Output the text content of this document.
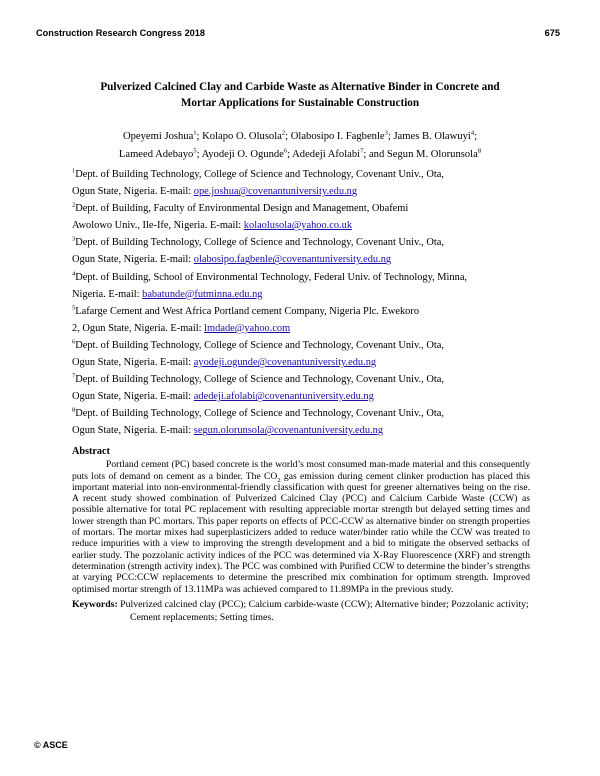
Construction Research Congress 2018	675
Pulverized Calcined Clay and Carbide Waste as Alternative Binder in Concrete and
Mortar Applications for Sustainable Construction
Opeyemi Joshua$^1$; Kolapo O. Olusola$^2$; Olabosipo I. Fagbenle$^3$; James B. Olawuyi$^4$;
Lameed Adebayo$^5$; Ayodeji O. Ogunde$^6$; Adedeji Afolabi$^7$; and Segun M. Olorunsola$^8$
$^1$Dept. of Building Technology, College of Science and Technology, Covenant Univ., Ota,
Ogun State, Nigeria. E-mail: ope.joshua@covenantuniversity.edu.ng
$^2$Dept. of Building, Faculty of Environmental Design and Management, Obafemi
Awolowo Univ., Ile-Ife, Nigeria. E-mail: kolaolusola@yahoo.co.uk
$^3$Dept. of Building Technology, College of Science and Technology, Covenant Univ., Ota,
Ogun State, Nigeria. E-mail: olabosipo.fagbenle@covenantuniversity.edu.ng
$^4$Dept. of Building, School of Environmental Technology, Federal Univ. of Technology, Minna,
Nigeria. E-mail: babatunde@futminna.edu.ng
$^5$Lafarge Cement and West Africa Portland cement Company, Nigeria Plc. Ewekoro
2, Ogun State, Nigeria. E-mail: lmdade@yahoo.com
$^6$Dept. of Building Technology, College of Science and Technology, Covenant Univ., Ota,
Ogun State, Nigeria. E-mail: ayodeji.ogunde@covenantuniversity.edu.ng
$^7$Dept. of Building Technology, College of Science and Technology, Covenant Univ., Ota,
Ogun State, Nigeria. E-mail: adedeji.afolabi@covenantuniversity.edu.ng
$^8$Dept. of Building Technology, College of Science and Technology, Covenant Univ., Ota,
Ogun State, Nigeria. E-mail: segun.olorunsola@covenantuniversity.edu.ng
Abstract

Portland cement (PC) based concrete is the world’s most consumed man-made material and this consequently puts lots of demand on cement as a binder. The $CO_2$ gas emission during cement clinker production has placed this important material into non-environmental-friendly classification with quest for greener alternatives being on the rise. A recent study showed combination of Pulverized Calcined Clay (PCC) and Calcium Carbide Waste (CCW) as possible alternative for total PC replacement with resulting appreciable mortar strength but delayed setting times and lower strength than PC mortars. This paper reports on effects of PCC-CCW as alternative binder on strength properties of mortars. The mortar mixes had superplasticizers added to reduce water/binder ratio while the CCW was treated to reduce impurities with a view to improving the strength development and a bid to mitigate the observed setbacks of earlier study. The pozzolanic activity indices of the PCC was determined via X-Ray Fluorescence (XRF) and strength determination (strength activity index). The PCC was combined with Purified CCW to determine the binder’s strengths at varying PCC:CCW replacements to determine the prescribed mix combination for optimum strength. Improved optimised mortar strength of 13.11MPa was achieved compared to 11.89MPa in the previous study.

Keywords: Pulverized calcined clay (PCC); Calcium carbide-waste (CCW); Alternative binder; Pozzolanic activity; Cement replacements; Setting times.
© ASCE
